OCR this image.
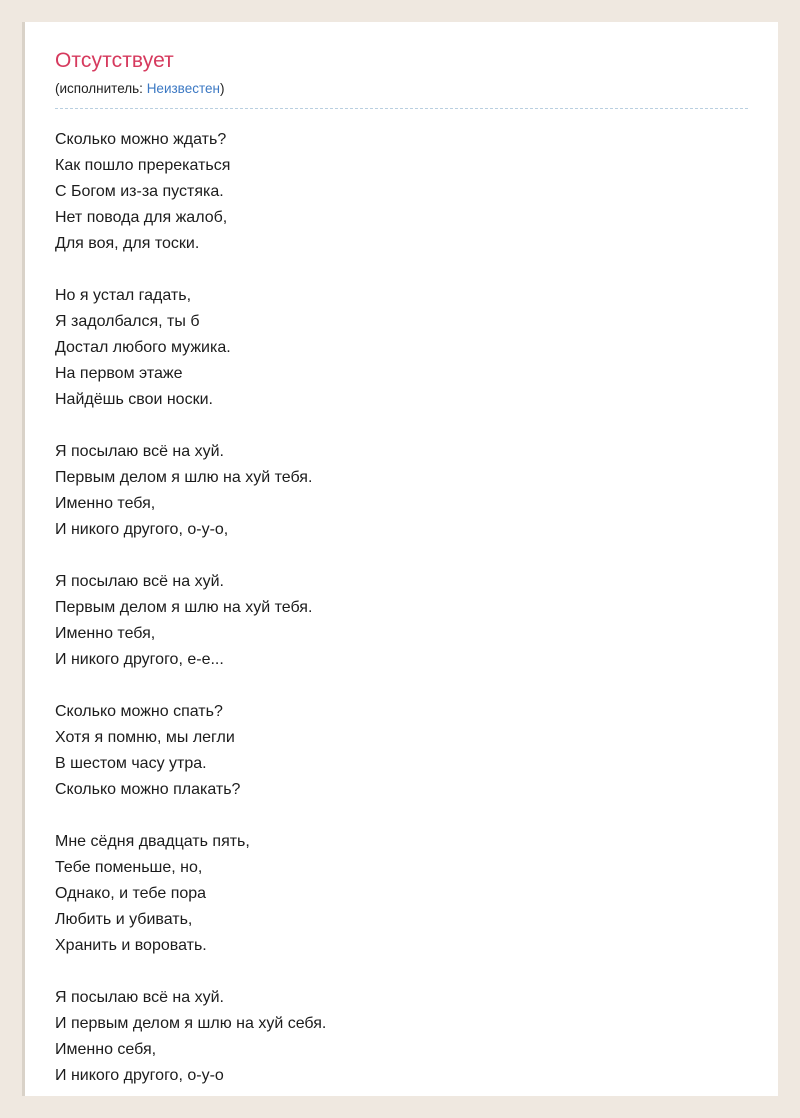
Отсутствует
(исполнитель: Неизвестен)
Сколько можно ждать?
Как пошло пререкаться
С Богом из-за пустяка.
Нет повода для жалоб,
Для воя, для тоски.
Но я устал гадать,
Я задолбался, ты б
Достал любого мужика.
На первом этаже
Найдёшь свои носки.
Я посылаю всё на хуй.
Первым делом я шлю на хуй тебя.
Именно тебя,
И никого другого, о-у-о,
Я посылаю всё на хуй.
Первым делом я шлю на хуй тебя.
Именно тебя,
И никого другого, е-е...
Сколько можно спать?
Хотя я помню, мы легли
В шестом часу утра.
Сколько можно плакать?
Мне сёдня двадцать пять,
Тебе поменьше, но,
Однако, и тебе пора
Любить и убивать,
Хранить и воровать.
Я посылаю всё на хуй.
И первым делом я шлю на хуй себя.
Именно себя,
И никого другого, о-у-о
